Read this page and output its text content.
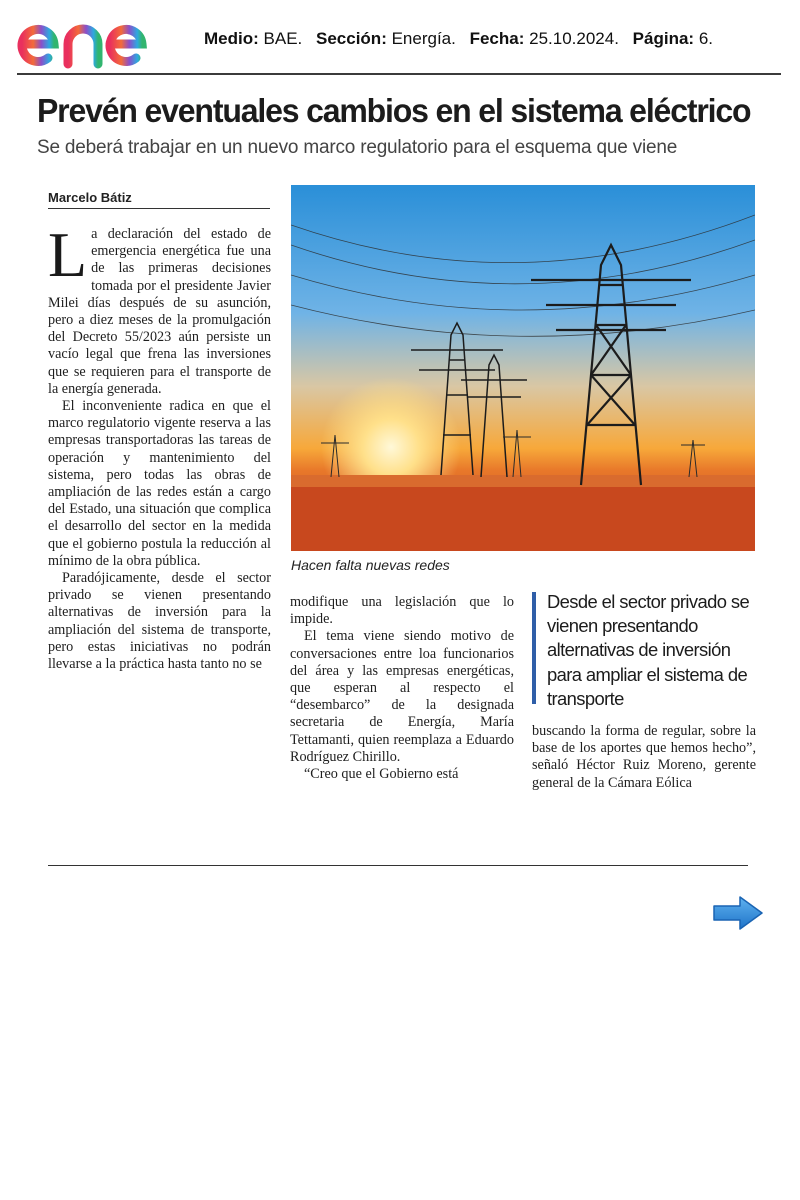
Medio: BAE. Sección: Energía. Fecha: 25.10.2024. Página: 6.
Prevén eventuales cambios en el sistema eléctrico
Se deberá trabajar en un nuevo marco regulatorio para el esquema que viene
Marcelo Bátiz

La declaración del estado de emergencia energética fue una de las primeras decisiones tomada por el presidente Javier Milei días después de su asunción, pero a diez meses de la promulgación del Decreto 55/2023 aún persiste un vacío legal que frena las inversiones que se requieren para el transporte de la energía generada.

El inconveniente radica en que el marco regulatorio vigente reserva a las empresas transportadoras las tareas de operación y mantenimiento del sistema, pero todas las obras de ampliación de las redes están a cargo del Estado, una situación que complica el desarrollo del sector en la medida que el gobierno postula la reducción al mínimo de la obra pública.

Paradójicamente, desde el sector privado se vienen presentando alternativas de inversión para la ampliación del sistema de transporte, pero estas iniciativas no podrán llevarse a la práctica hasta tanto no se

Hacen falta nuevas redes

modifique una legislación que lo impide.

El tema viene siendo motivo de conversaciones entre loa funcionarios del área y las empresas energéticas, que esperan al respecto el “desembarco” de la designada secretaria de Energía, María Tettamanti, quien reemplaza a Eduardo Rodríguez Chirillo.

“Creo que el Gobierno está

Desde el sector privado se vienen presentando alternativas de inversión para ampliar el sistema de transporte

buscando la forma de regular, sobre la base de los aportes que hemos hecho”, señaló Héctor Ruiz Moreno, gerente general de la Cámara Eólica
